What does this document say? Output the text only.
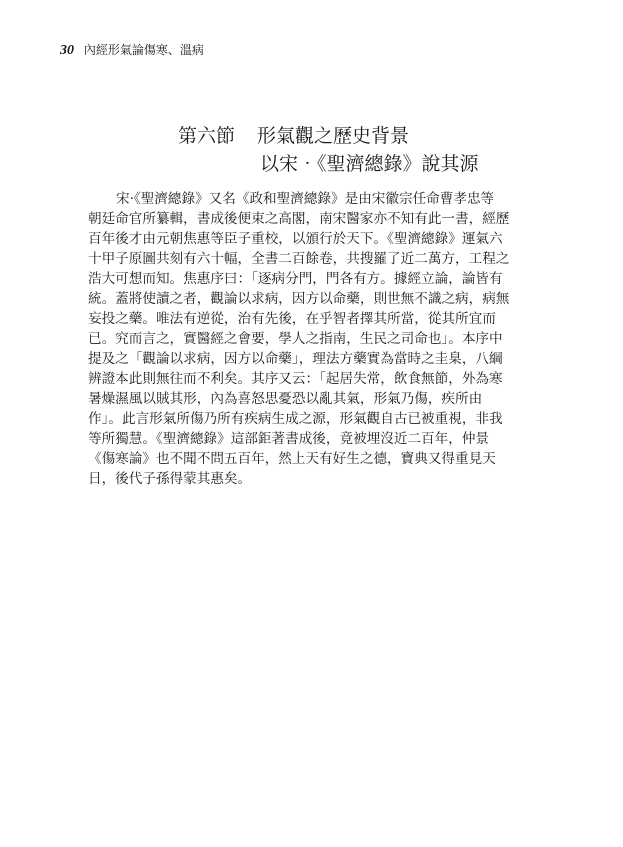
30 內經形氣論傷寒、溫病
第六節 形氣觀之歷史背景
以宋‧《聖濟總錄》說其源
宋‧《聖濟總錄》又名《政和聖濟總錄》是由宋徽宗任命曹孝忠等
朝廷命官所纂輯，書成後便束之高閣，南宋醫家亦不知有此一書，經歷
百年後才由元朝焦惠等臣子重校，以頒行於天下。《聖濟總錄》運氣六
十甲子原圖共刻有六十幅，全書二百餘卷，共搜羅了近二萬方，工程之
浩大可想而知。焦惠序曰：「逐病分門，門各有方。據經立論，論皆有
統。蓋將使讀之者，觀論以求病，因方以命藥，則世無不識之病，病無
妄投之藥。唯法有逆從，治有先後，在乎智者擇其所當，從其所宜而
已。究而言之，實醫經之會要，學人之指南，生民之司命也」。本序中
提及之「觀論以求病，因方以命藥」，理法方藥實為當時之圭臬，八綱
辨證本此則無往而不利矣。其序又云：「起居失常，飲食無節，外為寒
暑燥濕風以賊其形，內為喜怒思憂恐以亂其氣，形氣乃傷，疾所由
作」。此言形氣所傷乃所有疾病生成之源，形氣觀自古已被重視，非我
等所獨慧。《聖濟總錄》這部鉅著書成後，竟被埋沒近二百年，仲景
《傷寒論》也不聞不問五百年，然上天有好生之德，寶典又得重見天
日，後代子孫得蒙其惠矣。
